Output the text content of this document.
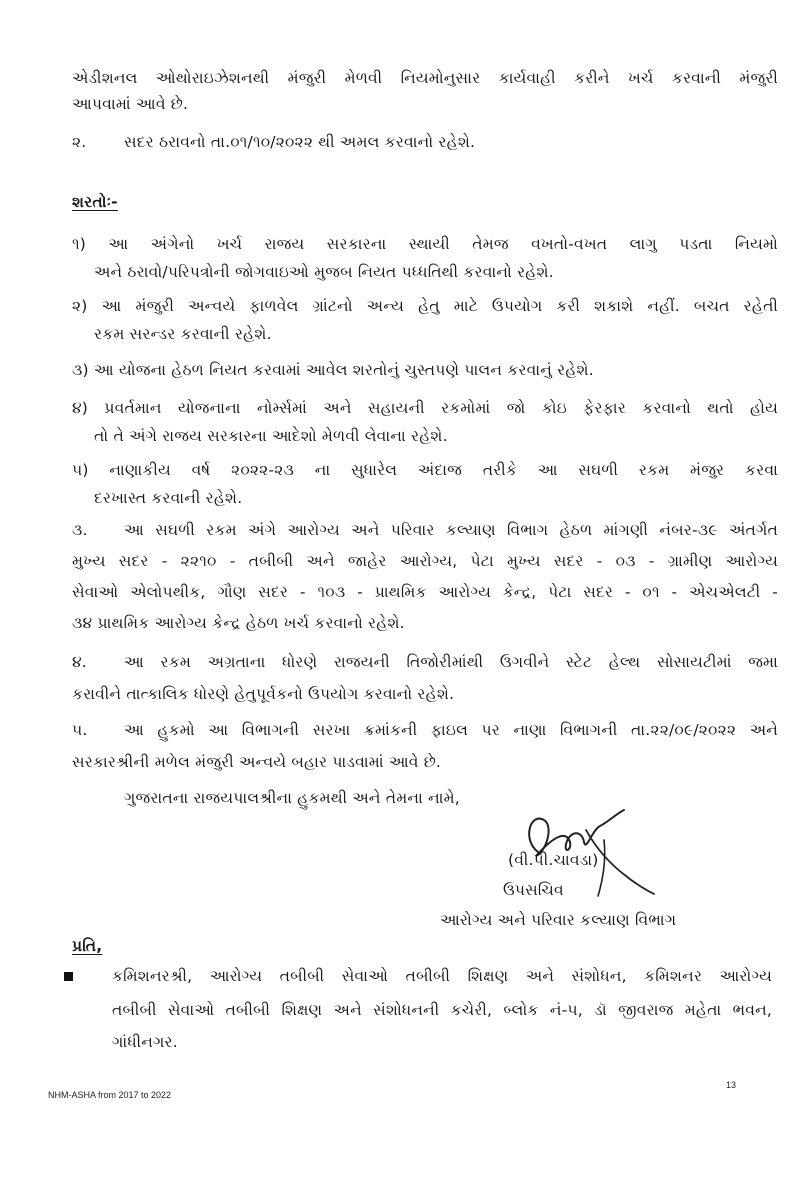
એડીશનલ ઓથોરાઇઝેશનથી મંજુરી મેળવી નિયમોનુસાર કાર્યવાહી કરીને ખર્ચ કરવાની મંજુરી
આપવામાં આવે છે.
૨. સદર ઠરાવનો તા.૦૧/૧૦/૨૦૨૨ થી અમલ કરવાનો રહેશે.
શરતોઃ-
૧) આ અંગેનો ખર્ચ રાજય સરકારના સ્થાયી તેમજ વખતો-વખત લાગુ પડતા નિયમો
અને ઠરાવો/પરિપત્રોની જોગવાઇઓ મુજબ નિયત પધ્ધતિથી કરવાનો રહેશે.
૨) આ મંજુરી અન્વયે ફાળવેલ ગ્રાંટનો અન્ય હેતુ માટે ઉપયોગ કરી શકાશે નહીં. બચત રહેતી
રકમ સરન્ડર કરવાની રહેશે.
૩) આ યોજના હેઠળ નિયત કરવામાં આવેલ શરતોનું ચુસ્તપણે પાલન કરવાનું રહેશે.
૪) પ્રવર્તમાન યોજનાના નોર્મ્સમાં અને સહાયની રકમોમાં જો કોઇ ફેરફાર કરવાનો થતો હોય
તો તે અંગે રાજય સરકારના આદેશો મેળવી લેવાના રહેશે.
૫) નાણાકીય વર્ષ ૨૦૨૨-૨૩ ના સુધારેલ અંદાજ તરીકે આ સઘળી રકમ મંજુર કરવા
દરખાસ્ત કરવાની રહેશે.
૩. આ સઘળી રકમ અંગે આરોગ્ય અને પરિવાર કલ્યાણ વિભાગ હેઠળ માંગણી નંબર-૩૯ અંતર્ગત
મુખ્ય સદર - ૨૨૧૦ - તબીબી અને જાહેર આરોગ્ય, પેટા મુખ્ય સદર - ૦૩ - ગ્રામીણ આરોગ્ય
સેવાઓ એલોપથીક, ગૌણ સદર - ૧૦૩ - પ્રાથમિક આરોગ્ય કેન્દ્ર, પેટા સદર - ૦૧ - એચએલટી -
૩૪ પ્રાથમિક આરોગ્ય કેન્દ્ર હેઠળ ખર્ચ કરવાનો રહેશે.
૪. આ રકમ અગ્રતાના ધોરણે રાજયની તિજોરીમાંથી ઉગવીને સ્ટેટ હેલ્થ સોસાયટીમાં જમા
કરાવીને તાત્કાલિક ધોરણે હેતુપૂર્વકનો ઉપયોગ કરવાનો રહેશે.
૫. આ હુકમો આ વિભાગની સરખા ક્રમાંકની ફાઇલ પર નાણા વિભાગની તા.૨૨/૦૯/૨૦૨૨ અને
સરકારશ્રીની મળેલ મંજુરી અન્વયે બહાર પાડવામાં આવે છે.
ગુજરાતના રાજયપાલશ્રીના હુકમથી અને તેમના નામે,
(વી.પી.ચાવડા)
ઉપસચિવ
આરોગ્ય અને પરિવાર કલ્યાણ વિભાગ
પ્રતિ,
કમિશનરશ્રી, આરોગ્ય તબીબી સેવાઓ તબીબી શિક્ષણ અને સંશોધન, કમિશનર આરોગ્ય
તબીબી સેવાઓ તબીબી શિક્ષણ અને સંશોધનની કચેરી, બ્લોક નં-૫, ડૉ જીવરાજ મહેતા ભવન,
ગાંધીનગર.
NHM-ASHA from 2017 to 2022
13
